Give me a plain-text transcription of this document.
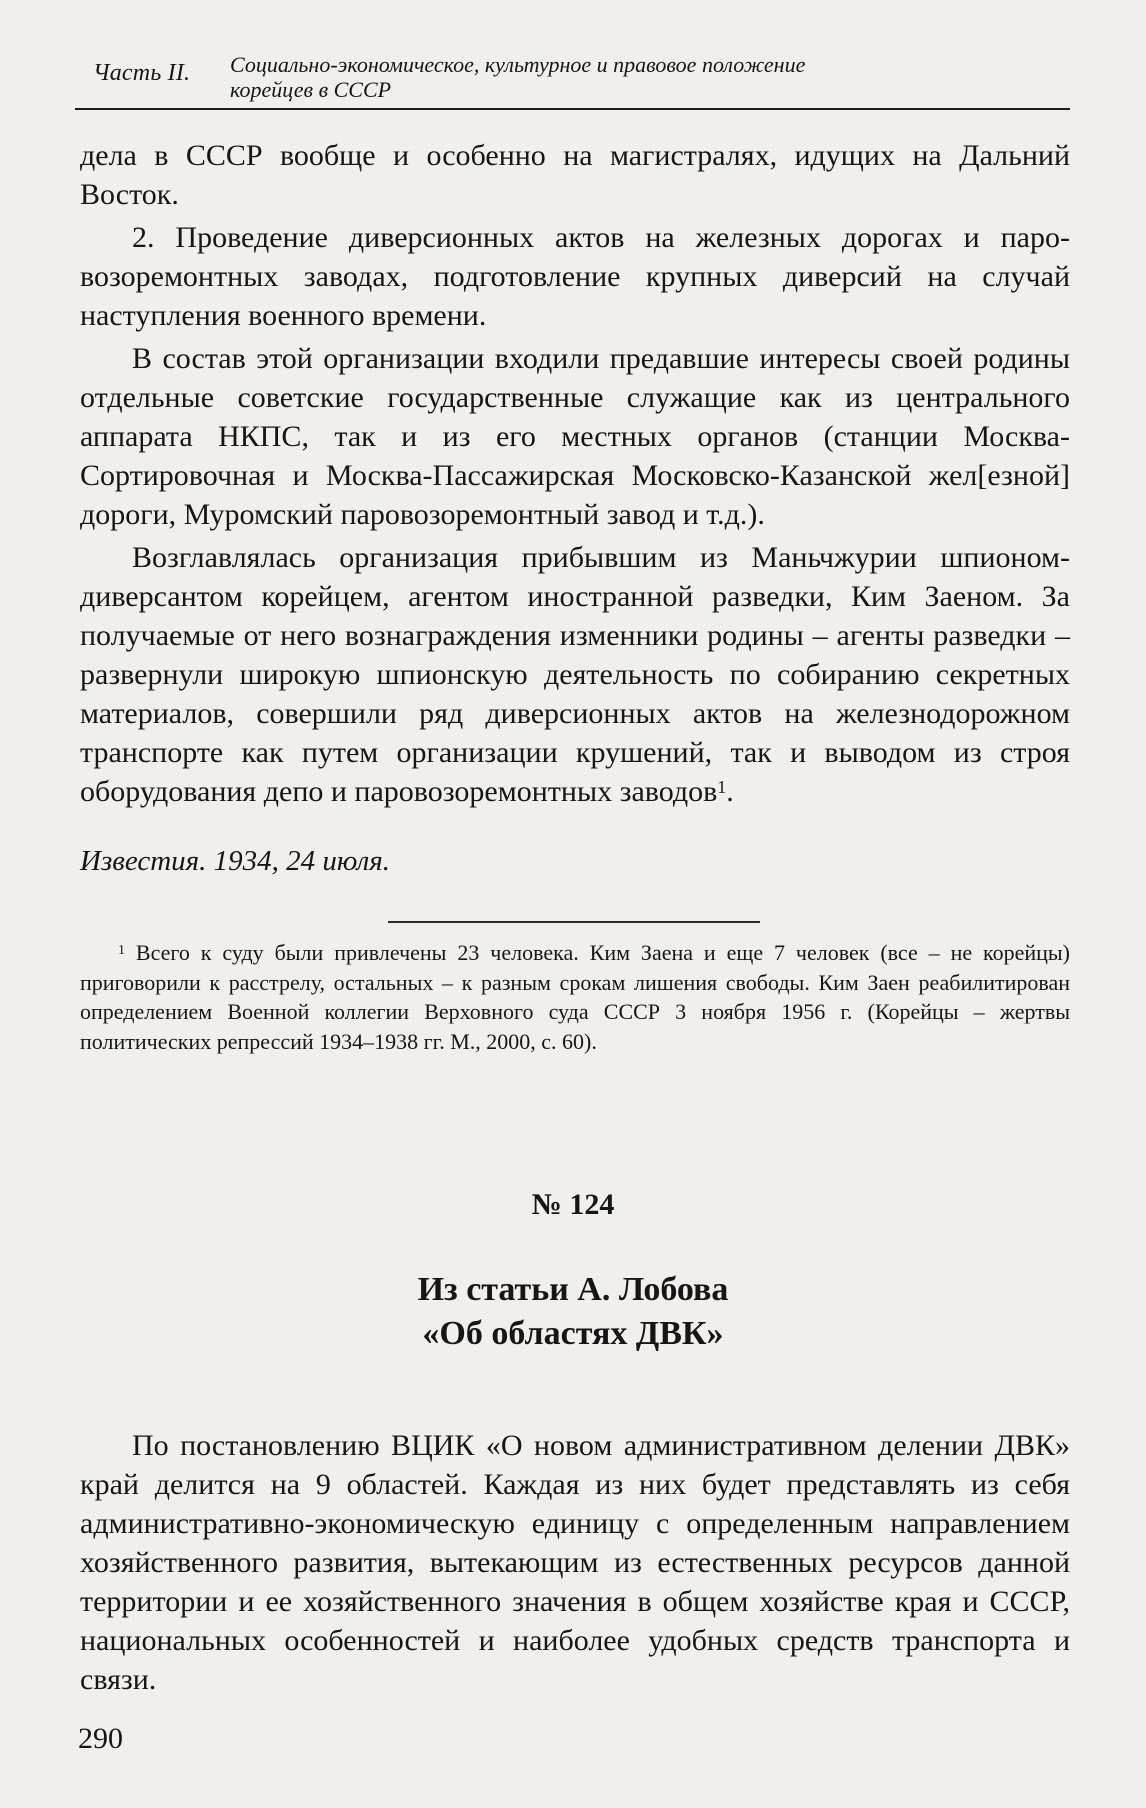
Часть II. Социально-экономическое, культурное и правовое положение
корейцев в СССР

дела в СССР вообще и особенно на магистралях, идущих на Дальний Восток.

2. Проведение диверсионных актов на железных дорогах и паровозоремонтных заводах, подготовление крупных диверсий на случай наступления военного времени.

В состав этой организации входили предавшие интересы своей родины отдельные советские государственные служащие как из центрального аппарата НКПС, так и из его местных органов (станции Москва-Сортировочная и Москва-Пассажирская Московско-Казанской жел[езной] дороги, Муромский паровозоремонтный завод и т.д.).

Возглавлялась организация прибывшим из Маньчжурии шпионом-диверсантом корейцем, агентом иностранной разведки, Ким Заеном. За получаемые от него вознаграждения изменники родины – агенты разведки – развернули широкую шпионскую деятельность по собиранию секретных материалов, совершили ряд диверсионных актов на железнодорожном транспорте как путем организации крушений, так и выводом из строя оборудования депо и паровозоремонтных заводов$^1$.

Известия. 1934, 24 июля.

$^1$ Всего к суду были привлечены 23 человека. Ким Заена и еще 7 человек (все – не корейцы) приговорили к расстрелу, остальных – к разным срокам лишения свободы. Ким Заен реабилитирован определением Военной коллегии Верховного суда СССР 3 ноября 1956 г. (Корейцы – жертвы политических репрессий 1934–1938 гг. М., 2000, с. 60).

№ 124
Из статьи А. Лобова
«Об областях ДВК»

По постановлению ВЦИК «О новом административном делении ДВК» край делится на 9 областей. Каждая из них будет представлять из себя административно-экономическую единицу с определенным направлением хозяйственного развития, вытекающим из естественных ресурсов данной территории и ее хозяйственного значения в общем хозяйстве края и СССР, национальных особенностей и наиболее удобных средств транспорта и связи.

290
